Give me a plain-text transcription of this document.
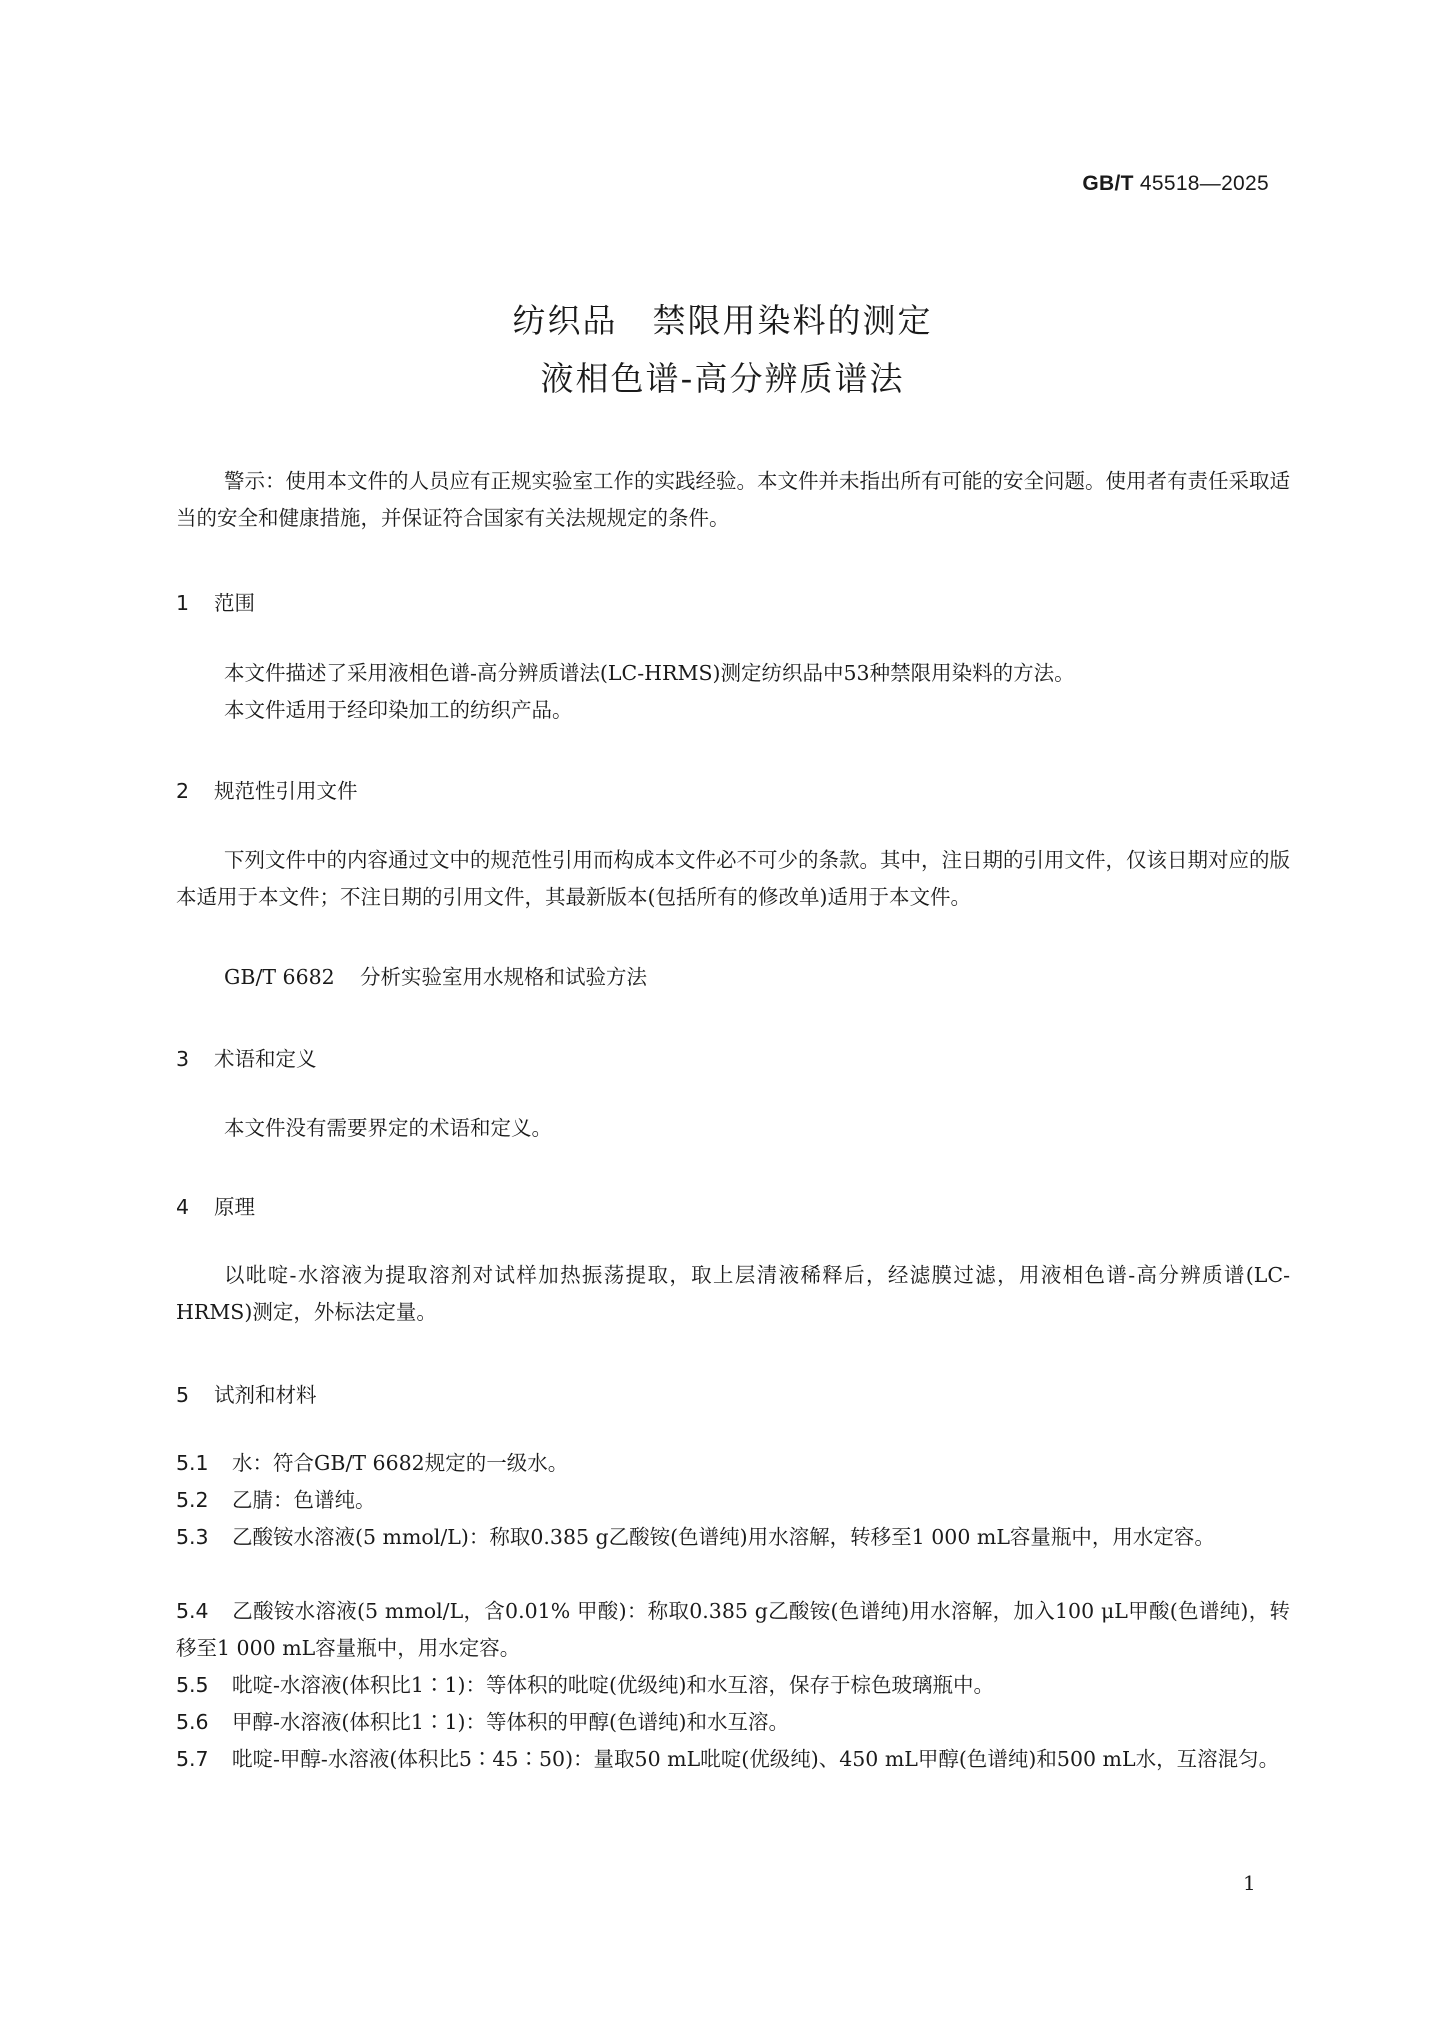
GB/T 45518—2025
纺织品　禁限用染料的测定
液相色谱-高分辨质谱法
警示：使用本文件的人员应有正规实验室工作的实践经验。本文件并未指出所有可能的安全问题。使用者有责任采取适当的安全和健康措施，并保证符合国家有关法规规定的条件。
1 范围
本文件描述了采用液相色谱-高分辨质谱法(LC-HRMS)测定纺织品中53种禁限用染料的方法。
本文件适用于经印染加工的纺织产品。
2 规范性引用文件
下列文件中的内容通过文中的规范性引用而构成本文件必不可少的条款。其中，注日期的引用文件，仅该日期对应的版本适用于本文件；不注日期的引用文件，其最新版本(包括所有的修改单)适用于本文件。
GB/T 6682 分析实验室用水规格和试验方法
3 术语和定义
本文件没有需要界定的术语和定义。
4 原理
以吡啶-水溶液为提取溶剂对试样加热振荡提取，取上层清液稀释后，经滤膜过滤，用液相色谱-高分辨质谱(LC-HRMS)测定，外标法定量。
5 试剂和材料
5.1 水：符合GB/T 6682规定的一级水。
5.2 乙腈：色谱纯。
5.3 乙酸铵水溶液(5 mmol/L)：称取0.385 g乙酸铵(色谱纯)用水溶解，转移至1 000 mL容量瓶中，用水定容。
5.4 乙酸铵水溶液(5 mmol/L，含0.01% 甲酸)：称取0.385 g乙酸铵(色谱纯)用水溶解，加入100 μL甲酸(色谱纯)，转移至1 000 mL容量瓶中，用水定容。
5.5 吡啶-水溶液(体积比1∶1)：等体积的吡啶(优级纯)和水互溶，保存于棕色玻璃瓶中。
5.6 甲醇-水溶液(体积比1∶1)：等体积的甲醇(色谱纯)和水互溶。
5.7 吡啶-甲醇-水溶液(体积比5∶45∶50)：量取50 mL吡啶(优级纯)、450 mL甲醇(色谱纯)和500 mL水，互溶混匀。
1
